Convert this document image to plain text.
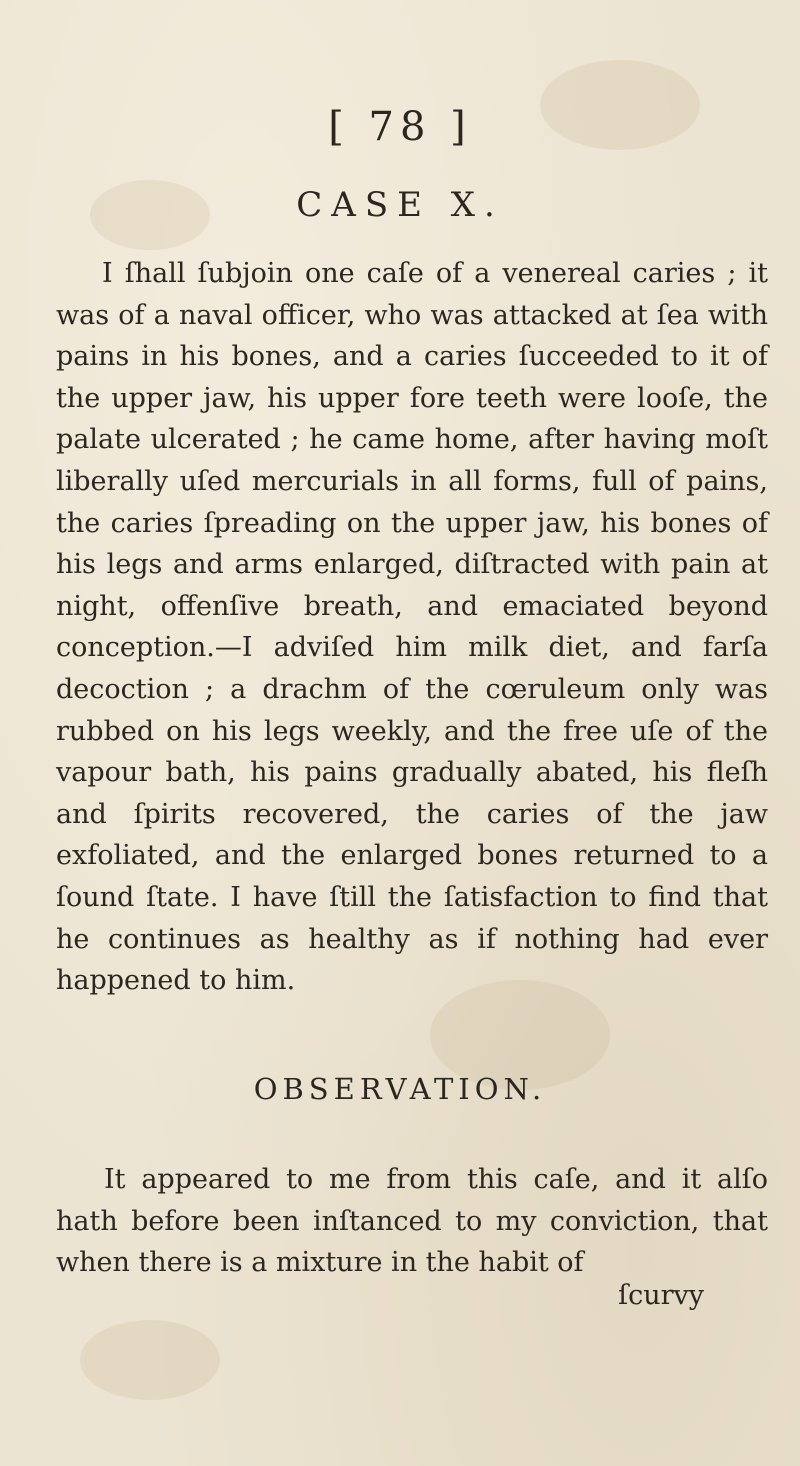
[ 78 ]
CASE X.

I ſhall ſubjoin one caſe of a venereal caries ; it was of a naval officer, who was attacked at ſea with pains in his bones, and a caries ſucceeded to it of the upper jaw, his upper fore teeth were looſe, the palate ulcerated ; he came home, after having moſt liberally uſed mercurials in all forms, full of pains, the caries ſpreading on the upper jaw, his bones of his legs and arms enlarged, diſtracted with pain at night, offenſive breath, and emaciated beyond conception.—I adviſed him milk diet, and farſa decoction ; a drachm of the cœruleum only was rubbed on his legs weekly, and the free uſe of the vapour bath, his pains gradually abated, his fleſh and ſpirits recovered, the caries of the jaw exfoliated, and the enlarged bones returned to a ſound ſtate. I have ſtill the ſatisfaction to find that he continues as healthy as if nothing had ever happened to him.

OBSERVATION.

It appeared to me from this caſe, and it alſo hath before been inſtanced to my conviction, that when there is a mixture in the habit of

ſcurvy
